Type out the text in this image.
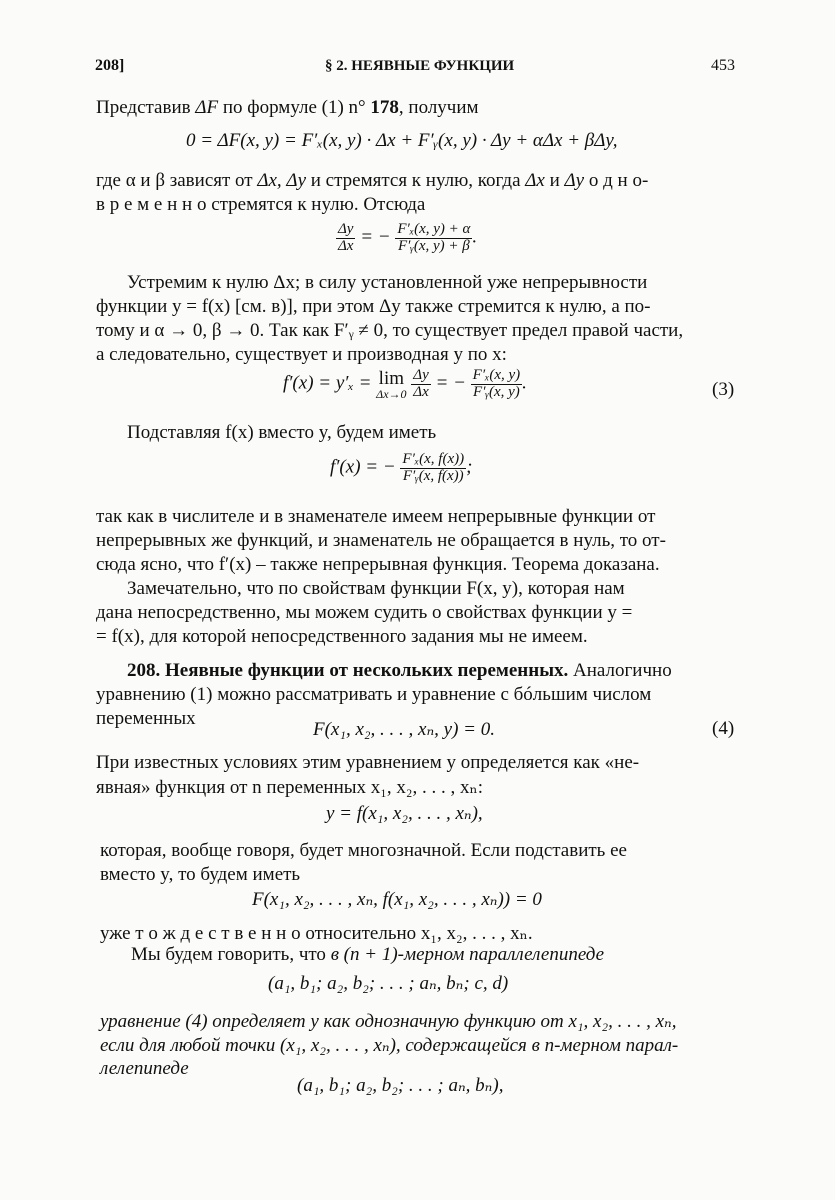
208]	§ 2. НЕЯВНЫЕ ФУНКЦИИ	453
Представив ΔF по формуле (1) n° 178, получим
0 = ΔF(x, y) = F′ₓ(x, y) · Δx + F′ᵧ(x, y) · Δy + αΔx + βΔy,
где α и β зависят от Δx, Δy и стремятся к нулю, когда Δx и Δy о д н о-
в р е м е н н о стремятся к нулю. Отсюда
$\frac{\Delta y}{\Delta x}$ = − $\frac{\text{F′ₓ(x, y) + α}}{\text{F′ᵧ(x, y) + β}}$ .
Устремим к нулю Δx; в силу установленной уже непрерывности
функции y = f(x) [см. в)], при этом Δy также стремится к нулю, а по-
тому и α → 0, β → 0. Так как F′ᵧ ≠ 0, то существует предел правой части,
а следовательно, существует и производная y по x:
f′(x) = y′ₓ = lim
Δx→0
$\frac{\Delta y}{\Delta x}$ = − $\frac{\text{F′ₓ(x, y)}}{\text{F′ᵧ(x, y)}}$ .	(3)
Подставляя f(x) вместо y, будем иметь
f′(x) = − $\frac{\text{F′ₓ(x, f(x))}}{\text{F′ᵧ(x, f(x))}}$ ;
так как в числителе и в знаменателе имеем непрерывные функции от
непрерывных же функций, и знаменатель не обращается в нуль, то от-
сюда ясно, что f′(x) – также непрерывная функция. Теорема доказана.
Замечательно, что по свойствам функции F(x, y), которая нам
дана непосредственно, мы можем судить о свойствах функции y =
= f(x), для которой непосредственного задания мы не имеем.
208. Неявные функции от нескольких переменных. Аналогично
уравнению (1) можно рассматривать и уравнение с бóльшим числом
переменных
F(x₁, x₂, . . . , xₙ, y) = 0.	(4)
При известных условиях этим уравнением y определяется как «не-
явная» функция от n переменных x₁, x₂, . . . , xₙ:
y = f(x₁, x₂, . . . , xₙ),
которая, вообще говоря, будет многозначной. Если подставить ее
вместо y, то будем иметь
F(x₁, x₂, . . . , xₙ, f(x₁, x₂, . . . , xₙ)) = 0
уже т о ж д е с т в е н н о относительно x₁, x₂, . . . , xₙ.
Мы будем говорить, что в (n + 1)-мерном параллелепипеде
(a₁, b₁; a₂, b₂; . . . ; aₙ, bₙ; c, d)
уравнение (4) определяет y как однозначную функцию от x₁, x₂, . . . , xₙ,
если для любой точки (x₁, x₂, . . . , xₙ), содержащейся в n-мерном парал-
лелепипеде
(a₁, b₁; a₂, b₂; . . . ; aₙ, bₙ),
